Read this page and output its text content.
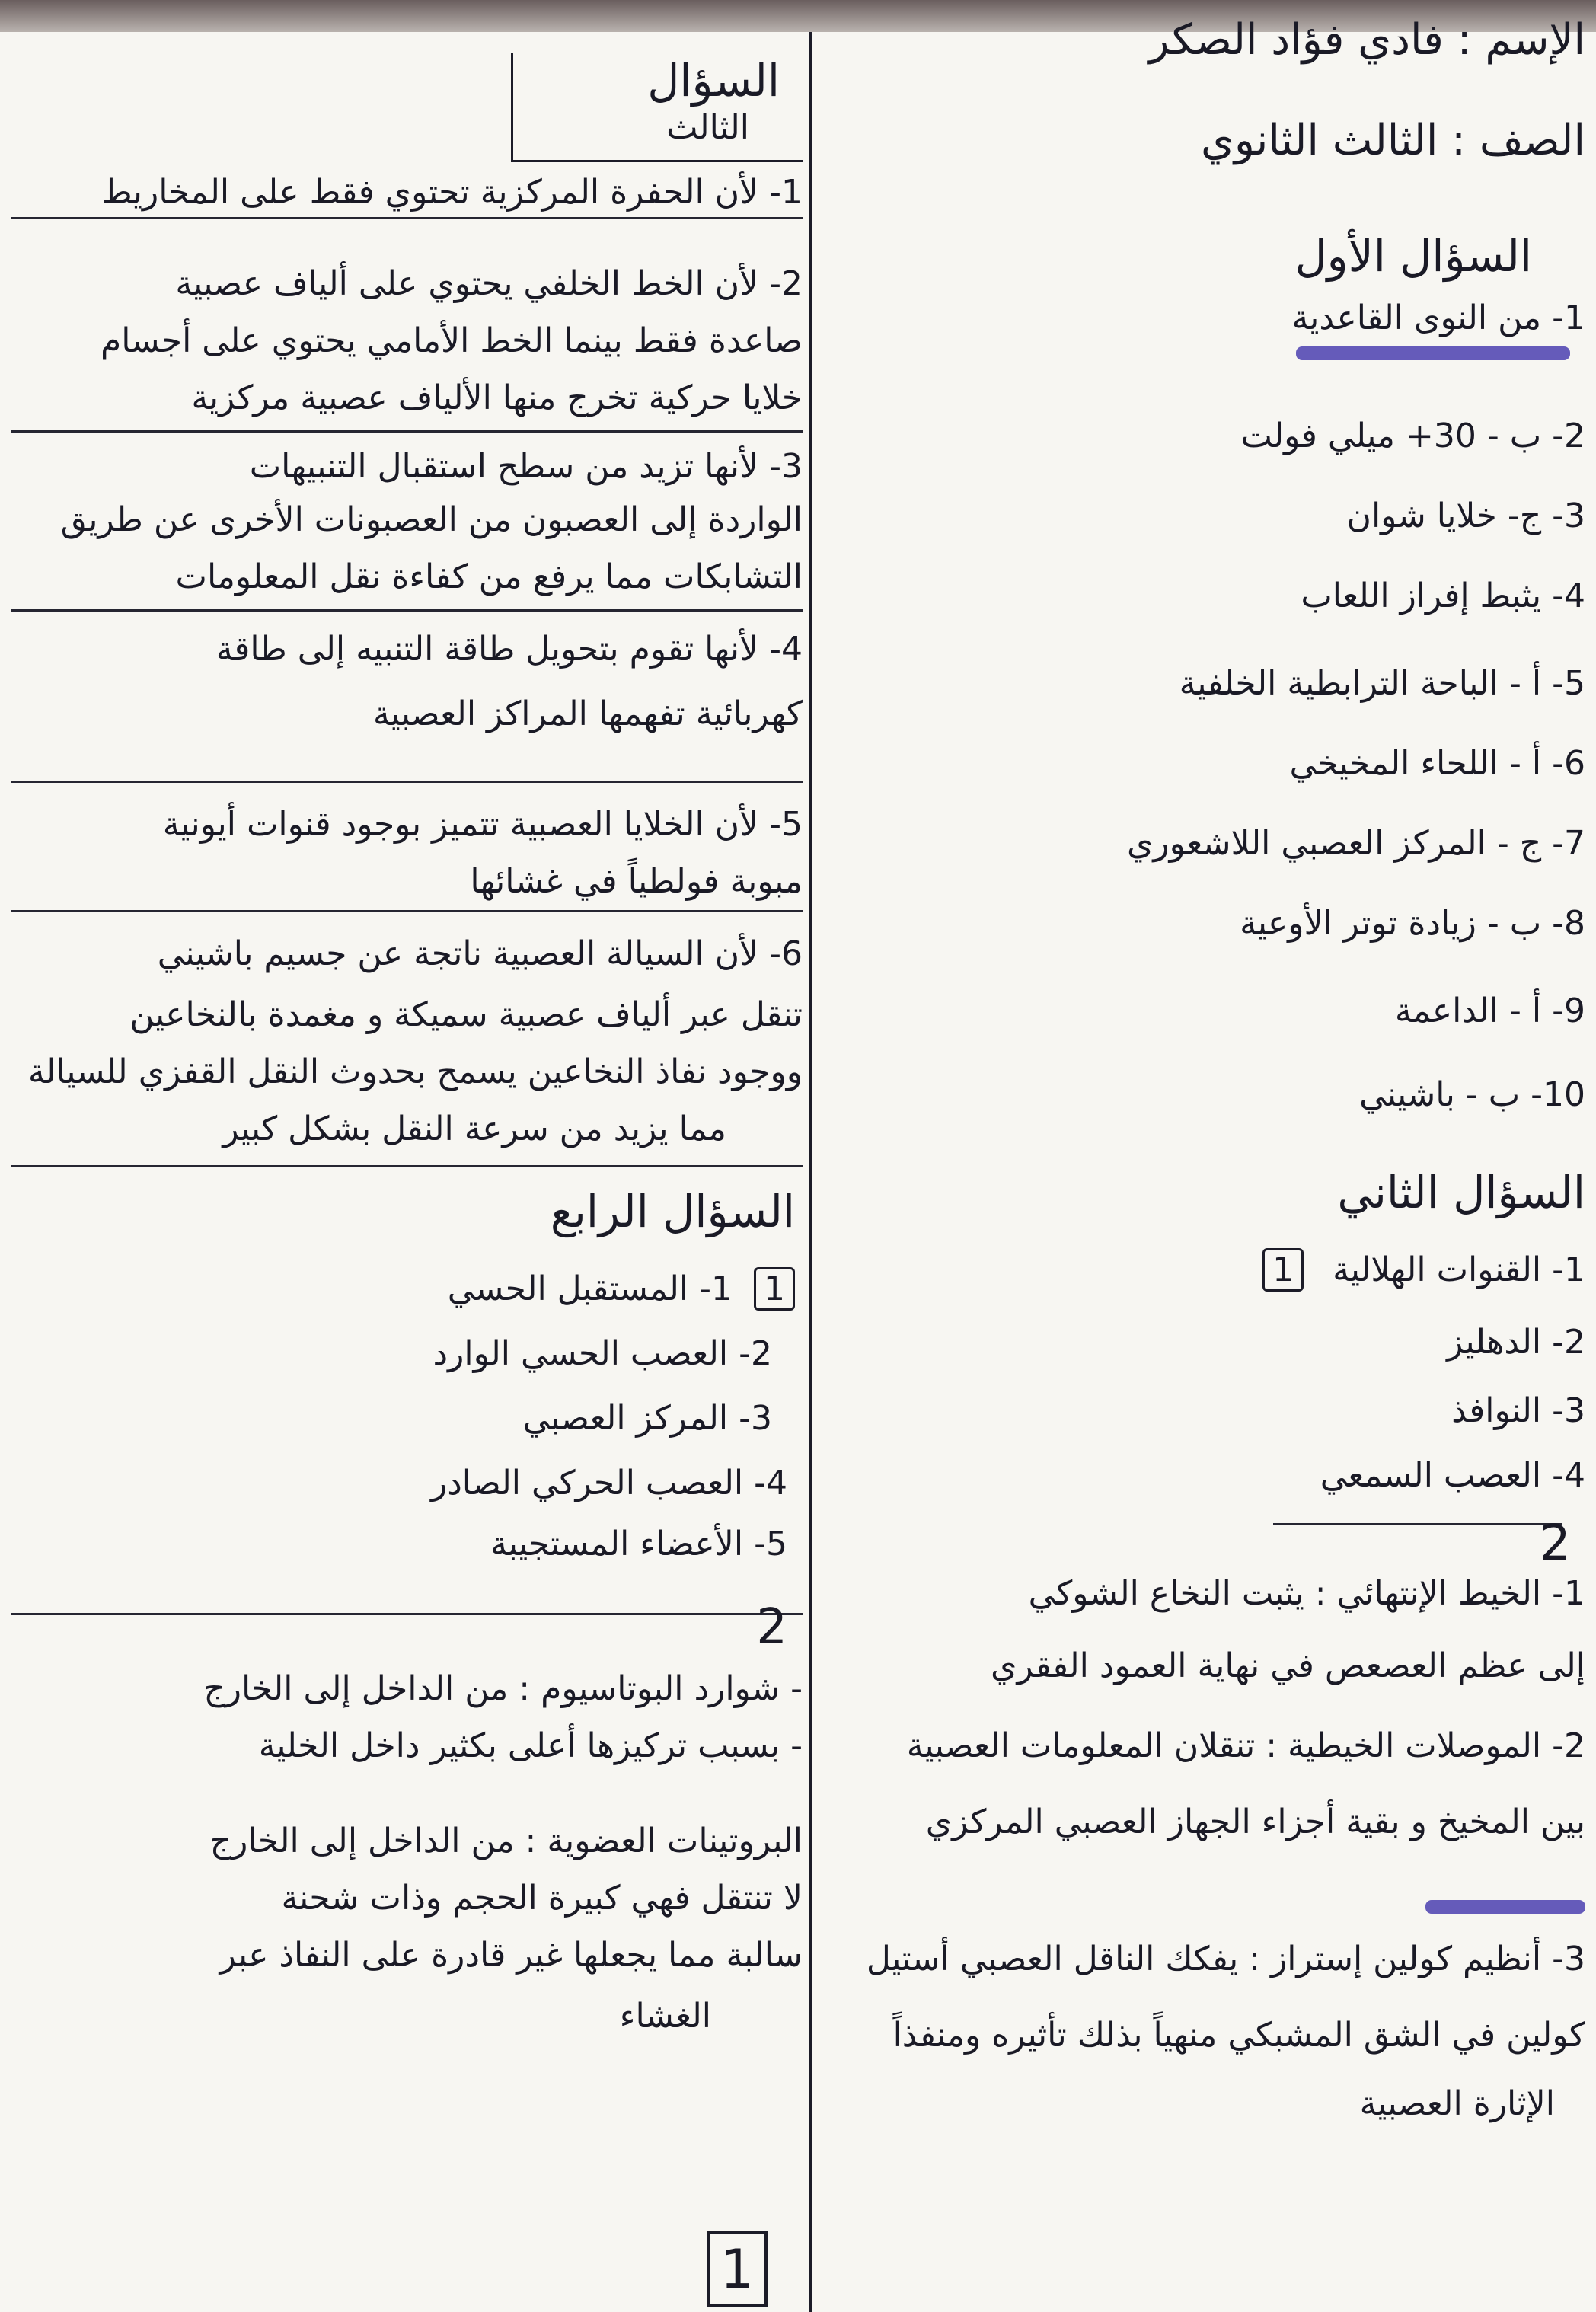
الإسم : فادي فؤاد الصكر
الصف : الثالث الثانوي
السؤال الأول
1- من النوى القاعدية
2- ب - 30+ ميلي فولت
3- ج- خلايا شوان
4- يثبط إفراز اللعاب
5- أ - الباحة الترابطية الخلفية
6- أ - اللحاء المخيخي
7- ج - المركز العصبي اللاشعوري
8- ب - زيادة توتر الأوعية
9- أ - الداعمة
10- ب - باشيني
السؤال الثاني
1- القنوات الهلالية 1
2- الدهليز
3- النوافذ
4- العصب السمعي
2
1- الخيط الإنتهائي : يثبت النخاع الشوكي
إلى عظم العصعص في نهاية العمود الفقري
2- الموصلات الخيطية : تنقلان المعلومات العصبية
بين المخيخ و بقية أجزاء الجهاز العصبي المركزي
3- أنظيم كولين إستراز : يفكك الناقل العصبي أستيل
كولين في الشق المشبكي منهياً بذلك تأثيره ومنفذاً
الإثارة العصبية
السؤال
الثالث
1- لأن الحفرة المركزية تحتوي فقط على المخاريط
2- لأن الخط الخلفي يحتوي على ألياف عصبية
صاعدة فقط بينما الخط الأمامي يحتوي على أجسام
خلايا حركية تخرج منها الألياف عصبية مركزية
3- لأنها تزيد من سطح استقبال التنبيهات
الواردة إلى العصبون من العصبونات الأخرى عن طريق
التشابكات مما يرفع من كفاءة نقل المعلومات
4- لأنها تقوم بتحويل طاقة التنبيه إلى طاقة
كهربائية تفهمها المراكز العصبية
5- لأن الخلايا العصبية تتميز بوجود قنوات أيونية
مبوبة فولطياً في غشائها
6- لأن السيالة العصبية ناتجة عن جسيم باشيني
تنقل عبر ألياف عصبية سميكة و مغمدة بالنخاعين
ووجود نفاذ النخاعين يسمح بحدوث النقل القفزي للسيالة
مما يزيد من سرعة النقل بشكل كبير
السؤال الرابع
1 1- المستقبل الحسي
2- العصب الحسي الوارد
3- المركز العصبي
4- العصب الحركي الصادر
5- الأعضاء المستجيبة
2
- شوارد البوتاسيوم : من الداخل إلى الخارج
- بسبب تركيزها أعلى بكثير داخل الخلية
البروتينات العضوية : من الداخل إلى الخارج
لا تنتقل فهي كبيرة الحجم وذات شحنة
سالبة مما يجعلها غير قادرة على النفاذ عبر
الغشاء
1
